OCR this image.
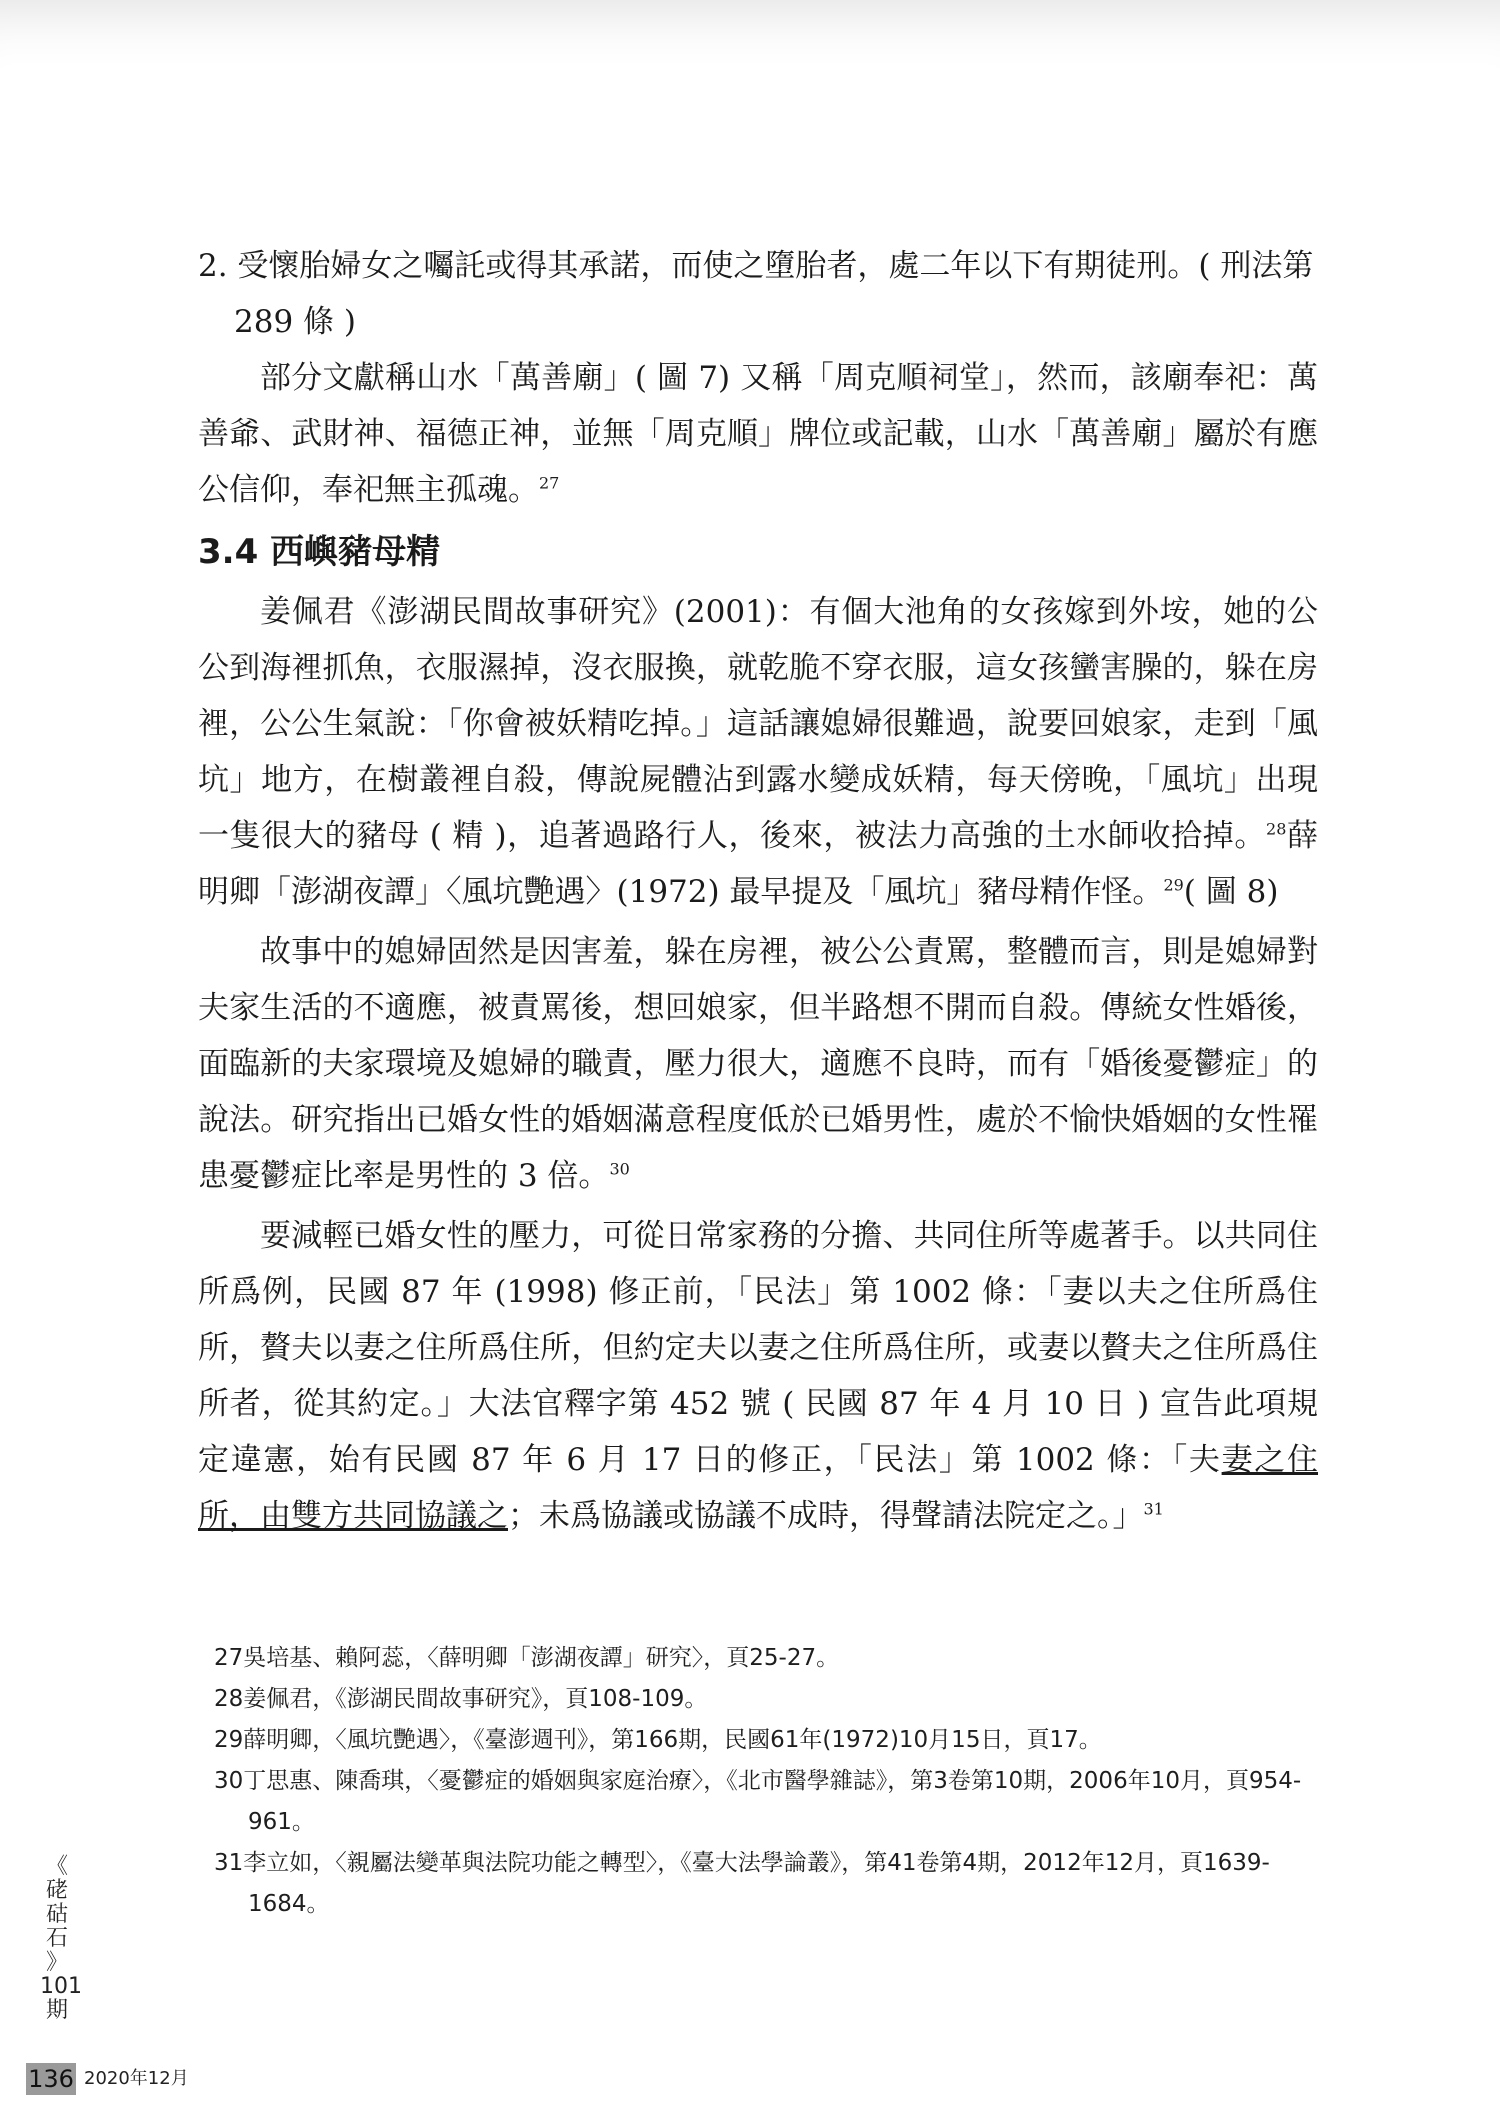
2. 受懷胎婦女之囑託或得其承諾，而使之墮胎者，處二年以下有期徒刑。( 刑法第 289 條 )

部分文獻稱山水「萬善廟」( 圖 7) 又稱「周克順祠堂」，然而，該廟奉祀：萬善爺、武財神、福德正神，並無「周克順」牌位或記載，山水「萬善廟」屬於有應公信仰，奉祀無主孤魂。$^{27}$

3.4 西嶼豬母精

姜佩君《澎湖民間故事研究》(2001)：有個大池角的女孩嫁到外垵，她的公公到海裡抓魚，衣服濕掉，沒衣服換，就乾脆不穿衣服，這女孩蠻害臊的，躲在房裡，公公生氣說：「你會被妖精吃掉。」這話讓媳婦很難過，說要回娘家，走到「風坑」地方，在樹叢裡自殺，傳說屍體沾到露水變成妖精，每天傍晚，「風坑」出現一隻很大的豬母 ( 精 )，追著過路行人，後來，被法力高強的土水師收拾掉。$^{28}$薛明卿「澎湖夜譚」〈風坑艷遇〉(1972) 最早提及「風坑」豬母精作怪。$^{29}$( 圖 8)

故事中的媳婦固然是因害羞，躲在房裡，被公公責罵，整體而言，則是媳婦對夫家生活的不適應，被責罵後，想回娘家，但半路想不開而自殺。傳統女性婚後，面臨新的夫家環境及媳婦的職責，壓力很大，適應不良時，而有「婚後憂鬱症」的說法。研究指出已婚女性的婚姻滿意程度低於已婚男性，處於不愉快婚姻的女性罹患憂鬱症比率是男性的 3 倍。$^{30}$

要減輕已婚女性的壓力，可從日常家務的分擔、共同住所等處著手。以共同住所爲例，民國 87 年 (1998) 修正前，「民法」第 1002 條：「妻以夫之住所爲住所，贅夫以妻之住所爲住所，但約定夫以妻之住所爲住所，或妻以贅夫之住所爲住所者，從其約定。」大法官釋字第 452 號 ( 民國 87 年 4 月 10 日 ) 宣告此項規定違憲，始有民國 87 年 6 月 17 日的修正，「民法」第 1002 條：「夫妻之住所，由雙方共同協議之；未爲協議或協議不成時，得聲請法院定之。」$^{31}$

27吳培基、賴阿蕊，〈薛明卿「澎湖夜譚」研究〉，頁25-27。

28姜佩君，《澎湖民間故事研究》，頁108-109。

29薛明卿，〈風坑艷遇〉，《臺澎週刊》，第166期，民國61年(1972)10月15日，頁17。

30丁思惠、陳喬琪，〈憂鬱症的婚姻與家庭治療〉，《北市醫學雜誌》，第3卷第10期，2006年10月，頁954-961。

31李立如，〈親屬法變革與法院功能之轉型〉，《臺大法學論叢》，第41卷第4期，2012年12月，頁1639-1684。

《
硓
𥑮
石
》
101
期
136 2020年12月
